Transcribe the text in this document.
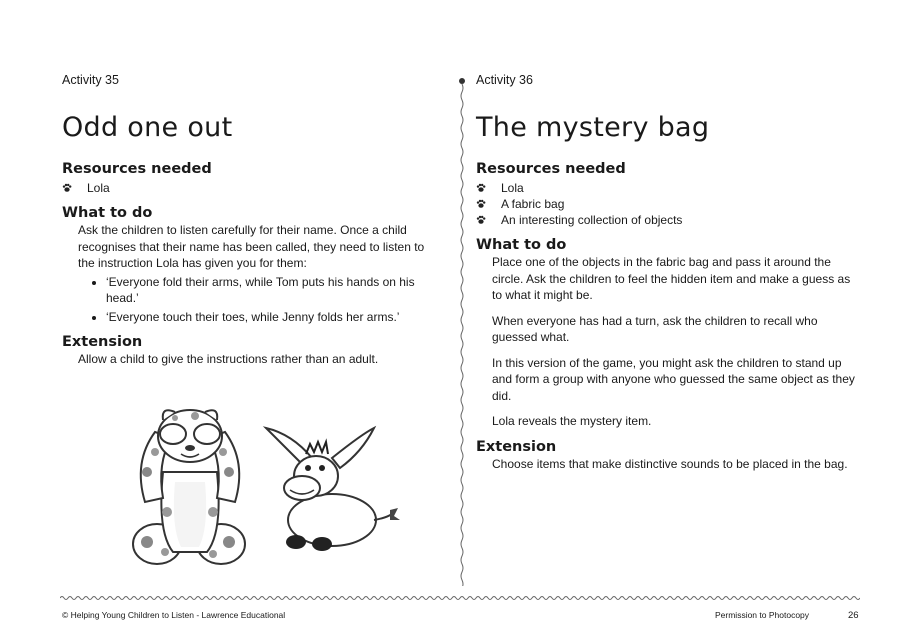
Activity 35

Odd one out
Resources needed
Lola
What to do

Ask the children to listen carefully for their name. Once a child recognises that their name has been called, they need to listen to the instruction Lola has given you for them:

• ‘Everyone fold their arms, while Tom puts his hands on his head.’
• ‘Everyone touch their toes, while Jenny folds her arms.’
Extension

Allow a child to give the instructions rather than an adult.

Activity 36

The mystery bag
Resources needed
Lola
A fabric bag
An interesting collection of objects
What to do

Place one of the objects in the fabric bag and pass it around the circle. Ask the children to feel the hidden item and make a guess as to what it might be.

When everyone has had a turn, ask the children to recall who guessed what.

In this version of the game, you might ask the children to stand up and form a group with anyone who guessed the same object as they did.

Lola reveals the mystery item.

Extension

Choose items that make distinctive sounds to be placed in the bag.

© Helping Young Children to Listen - Lawrence Educational	Permission to Photocopy	26
